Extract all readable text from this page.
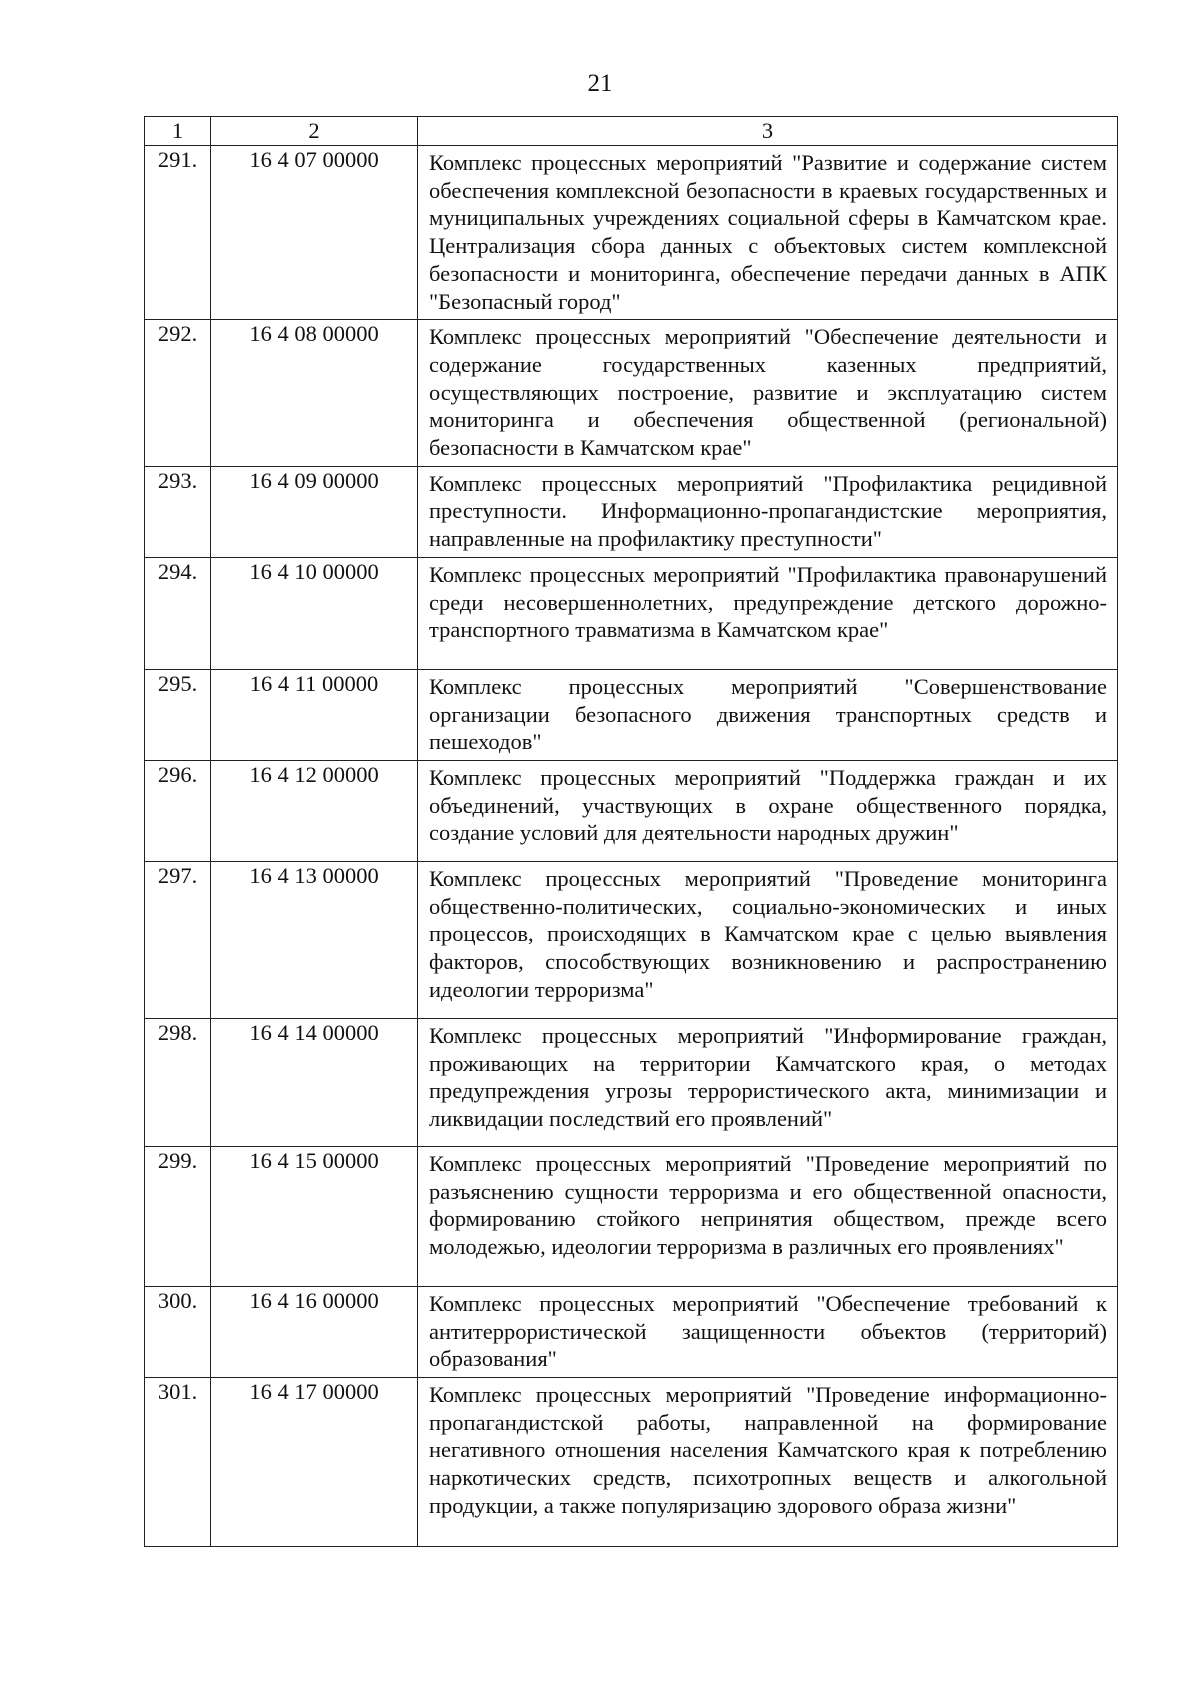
21
1	2	3
291.	16 4 07 00000	Комплекс процессных мероприятий "Развитие и содержание систем обеспечения комплексной безопасности в краевых государственных и муниципальных учреждениях социальной сферы в Камчатском крае. Централизация сбора данных с объектовых систем комплексной безопасности и мониторинга, обеспечение передачи данных в АПК "Безопасный город"
292.	16 4 08 00000	Комплекс процессных мероприятий "Обеспечение деятельности и содержание государственных казенных предприятий, осуществляющих построение, развитие и эксплуатацию систем мониторинга и обеспечения общественной (региональной) безопасности в Камчатском крае"
293.	16 4 09 00000	Комплекс процессных мероприятий "Профилактика рецидивной преступности. Информационно-пропагандистские мероприятия, направленные на профилактику преступности"
294.	16 4 10 00000	Комплекс процессных мероприятий "Профилактика правонарушений среди несовершеннолетних, предупреждение детского дорожно-транспортного травматизма в Камчатском крае"
295.	16 4 11 00000	Комплекс процессных мероприятий "Совершенствование организации безопасного движения транспортных средств и пешеходов"
296.	16 4 12 00000	Комплекс процессных мероприятий "Поддержка граждан и их объединений, участвующих в охране общественного порядка, создание условий для деятельности народных дружин"
297.	16 4 13 00000	Комплекс процессных мероприятий "Проведение мониторинга общественно-политических, социально-экономических и иных процессов, происходящих в Камчатском крае с целью выявления факторов, способствующих возникновению и распространению идеологии терроризма"
298.	16 4 14 00000	Комплекс процессных мероприятий "Информирование граждан, проживающих на территории Камчатского края, о методах предупреждения угрозы террористического акта, минимизации и ликвидации последствий его проявлений"
299.	16 4 15 00000	Комплекс процессных мероприятий "Проведение мероприятий по разъяснению сущности терроризма и его общественной опасности, формированию стойкого непринятия обществом, прежде всего молодежью, идеологии терроризма в различных его проявлениях"
300.	16 4 16 00000	Комплекс процессных мероприятий "Обеспечение требований к антитеррористической защищенности объектов (территорий) образования"
301.	16 4 17 00000	Комплекс процессных мероприятий "Проведение информационно-пропагандистской работы, направленной на формирование негативного отношения населения Камчатского края к потреблению наркотических средств, психотропных веществ и алкогольной продукции, а также популяризацию здорового образа жизни"
